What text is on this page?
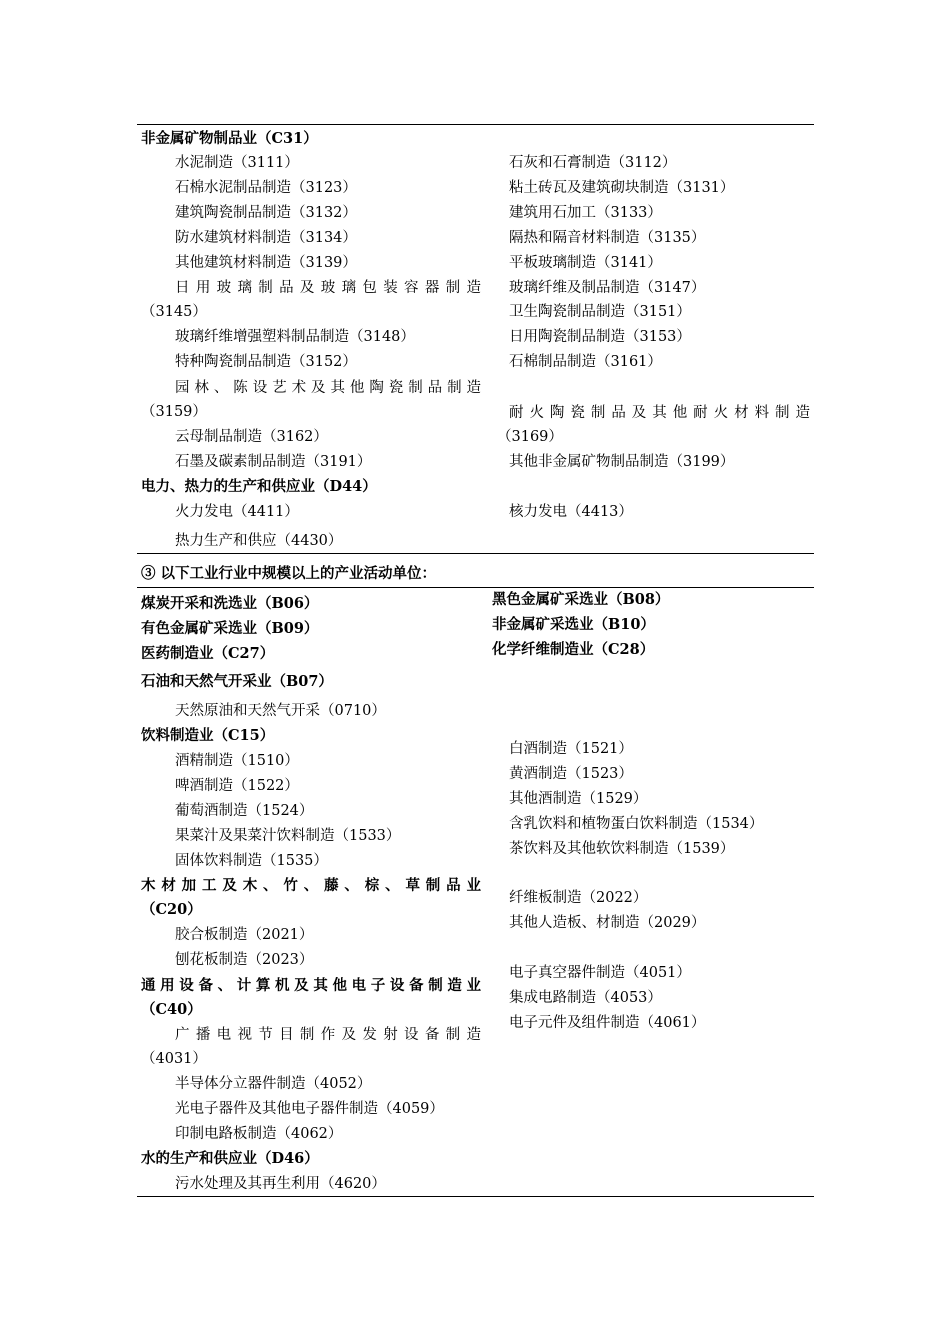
非金属矿物制品业（C31）
水泥制造（3111）
石棉水泥制品制造（3123）
建筑陶瓷制品制造（3132）
防水建筑材料制造（3134）
其他建筑材料制造（3139）
日用玻璃制品及玻璃包装容器制造
（3145）
玻璃纤维增强塑料制品制造（3148）
特种陶瓷制品制造（3152）
园林、陈设艺术及其他陶瓷制品制造
（3159）
云母制品制造（3162）
石墨及碳素制品制造（3191）
石灰和石膏制造（3112）
粘土砖瓦及建筑砌块制造（3131）
建筑用石加工（3133）
隔热和隔音材料制造（3135）
平板玻璃制造（3141）
玻璃纤维及制品制造（3147）
卫生陶瓷制品制造（3151）
日用陶瓷制品制造（3153）
石棉制品制造（3161）
耐火陶瓷制品及其他耐火材料制造
（3169）
其他非金属矿物制品制造（3199）
电力、热力的生产和供应业（D44）
火力发电（4411）	核力发电（4413）
热力生产和供应（4430）
③ 以下工业行业中规模以上的产业活动单位：
煤炭开采和洗选业（B06）
有色金属矿采选业（B09）
医药制造业（C27）
黑色金属矿采选业（B08）
非金属矿采选业（B10）
化学纤维制造业（C28）
石油和天然气开采业（B07）
天然原油和天然气开采（0710）
饮料制造业（C15）
酒精制造（1510）
啤酒制造（1522）
葡萄酒制造（1524）
果菜汁及果菜汁饮料制造（1533）
固体饮料制造（1535）
白酒制造（1521）
黄酒制造（1523）
其他酒制造（1529）
含乳饮料和植物蛋白饮料制造（1534）
茶饮料及其他软饮料制造（1539）
木材加工及木、竹、藤、棕、草制品业
（C20）
胶合板制造（2021）
刨花板制造（2023）
纤维板制造（2022）
其他人造板、材制造（2029）
通用设备、计算机及其他电子设备制造业
（C40）
广播电视节目制作及发射设备制造
（4031）
半导体分立器件制造（4052）
光电子器件及其他电子器件制造（4059）
印制电路板制造（4062）
电子真空器件制造（4051）
集成电路制造（4053）
电子元件及组件制造（4061）
水的生产和供应业（D46）
污水处理及其再生利用（4620）
